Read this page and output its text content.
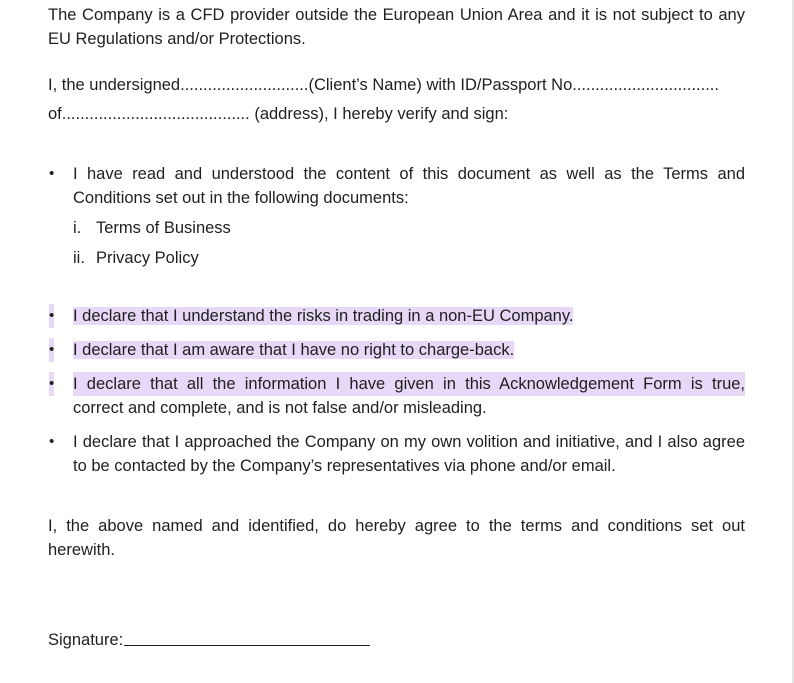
The Company is a CFD provider outside the European Union Area and it is not subject to any EU Regulations and/or Protections.

I, the undersigned............................(Client’s Name) with ID/Passport No................................
of......................................... (address), I hereby verify and sign:
• I have read and understood the content of this document as well as the Terms and Conditions set out in the following documents:
i. Terms of Business
ii. Privacy Policy
• I declare that I understand the risks in trading in a non-EU Company.
• I declare that I am aware that I have no right to charge-back.
• I declare that all the information I have given in this Acknowledgement Form is true,
correct and complete, and is not false and/or misleading.
• I declare that I approached the Company on my own volition and initiative, and I also agree to be contacted by the Company’s representatives via phone and/or email.

I, the above named and identified, do hereby agree to the terms and conditions set out herewith.

Signature:
